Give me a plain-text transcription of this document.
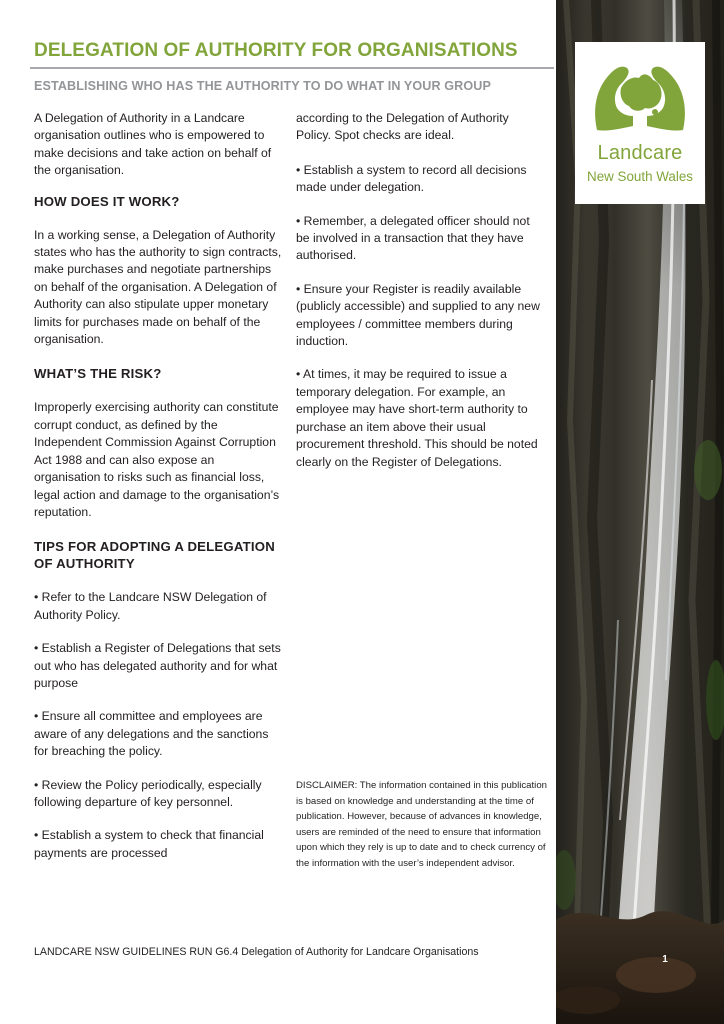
DELEGATION OF AUTHORITY FOR ORGANISATIONS
ESTABLISHING WHO HAS THE AUTHORITY TO DO WHAT IN YOUR GROUP

A Delegation of Authority in a Landcare organisation outlines who is empowered to make decisions and take action on behalf of the organisation.

HOW DOES IT WORK?

In a working sense, a Delegation of Authority states who has the authority to sign contracts, make purchases and negotiate partnerships on behalf of the organisation. A Delegation of Authority can also stipulate upper monetary limits for purchases made on behalf of the organisation.

WHAT’S THE RISK?

Improperly exercising authority can constitute corrupt conduct, as defined by the Independent Commission Against Corruption Act 1988 and can also expose an organisation to risks such as financial loss, legal action and damage to the organisation’s reputation.

TIPS FOR ADOPTING A DELEGATION OF AUTHORITY

• Refer to the Landcare NSW Delegation of Authority Policy.

• Establish a Register of Delegations that sets out who has delegated authority and for what purpose

• Ensure all committee and employees are aware of any delegations and the sanctions for breaching the policy.

• Review the Policy periodically, especially following departure of key personnel.

• Establish a system to check that financial payments are processed

according to the Delegation of Authority Policy. Spot checks are ideal.

• Establish a system to record all decisions made under delegation.

• Remember, a delegated officer should not be involved in a transaction that they have authorised.

• Ensure your Register is readily available (publicly accessible) and supplied to any new employees / committee members during induction.

• At times, it may be required to issue a temporary delegation. For example, an employee may have short-term authority to purchase an item above their usual procurement threshold. This should be noted clearly on the Register of Delegations.

DISCLAIMER: The information contained in this publication is based on knowledge and understanding at the time of publication. However, because of advances in knowledge, users are reminded of the need to ensure that information upon which they rely is up to date and to check currency of the information with the user’s independent advisor.
LANDCARE NSW GUIDELINES RUN G6.4 Delegation of Authority for Landcare Organisations
1
Landcare
New South Wales
